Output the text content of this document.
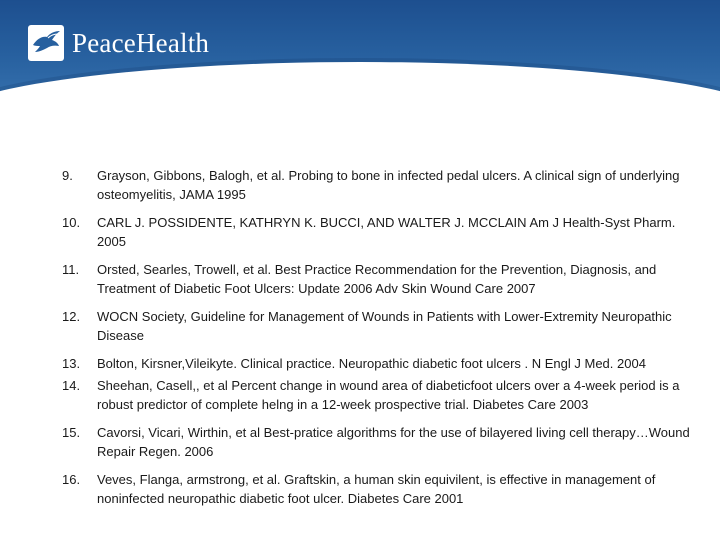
PeaceHealth
9.	Grayson, Gibbons, Balogh, et al. Probing to bone in infected pedal ulcers. A clinical sign of underlying osteomyelitis, JAMA 1995
10.	CARL J. POSSIDENTE, KATHRYN K. BUCCI, AND WALTER J. MCCLAIN Am J Health-Syst Pharm. 2005
11.	Orsted, Searles, Trowell, et al. Best Practice Recommendation for the Prevention, Diagnosis, and Treatment of Diabetic Foot Ulcers: Update 2006 Adv Skin Wound Care 2007
12.	WOCN Society, Guideline for Management of Wounds in Patients with Lower-Extremity Neuropathic Disease
13.	Bolton, Kirsner,Vileikyte. Clinical practice. Neuropathic diabetic foot ulcers . N Engl J Med. 2004
14.	Sheehan, Casell,, et al Percent change in wound area of diabeticfoot ulcers over a 4-week period is a robust predictor of complete helng in a 12-week prospective trial. Diabetes Care 2003
15.	Cavorsi, Vicari, Wirthin, et al Best-pratice algorithms for the use of bilayered living cell therapy…Wound Repair Regen. 2006
16.	Veves, Flanga, armstrong, et al. Graftskin, a human skin equivilent, is effective in management of noninfected neuropathic diabetic foot ulcer. Diabetes Care 2001
